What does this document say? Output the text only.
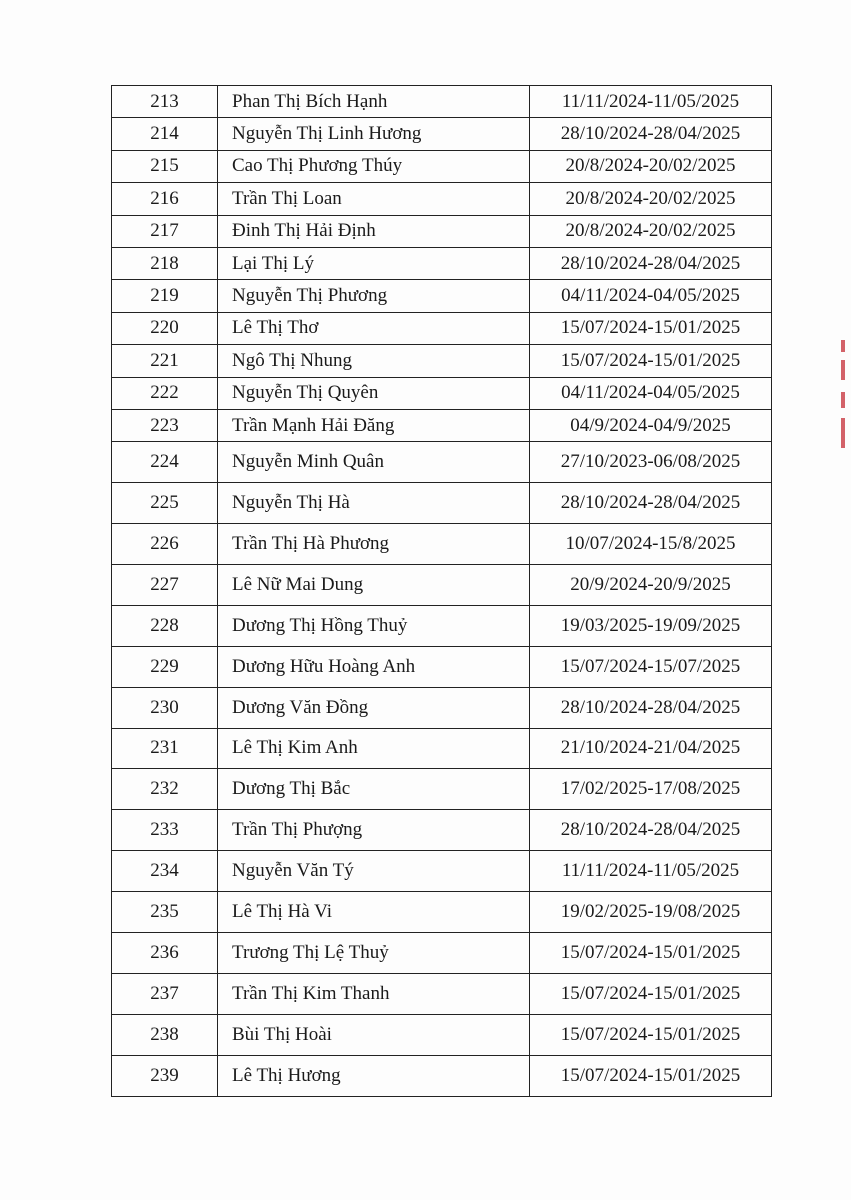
213	Phan Thị Bích Hạnh	11/11/2024-11/05/2025
214	Nguyễn Thị Linh Hương	28/10/2024-28/04/2025
215	Cao Thị Phương Thúy	20/8/2024-20/02/2025
216	Trần Thị Loan	20/8/2024-20/02/2025
217	Đinh Thị Hải Định	20/8/2024-20/02/2025
218	Lại Thị Lý	28/10/2024-28/04/2025
219	Nguyễn Thị Phương	04/11/2024-04/05/2025
220	Lê Thị Thơ	15/07/2024-15/01/2025
221	Ngô Thị Nhung	15/07/2024-15/01/2025
222	Nguyễn Thị Quyên	04/11/2024-04/05/2025
223	Trần Mạnh Hải Đăng	04/9/2024-04/9/2025
224	Nguyễn Minh Quân	27/10/2023-06/08/2025
225	Nguyễn Thị Hà	28/10/2024-28/04/2025
226	Trần Thị Hà Phương	10/07/2024-15/8/2025
227	Lê Nữ Mai Dung	20/9/2024-20/9/2025
228	Dương Thị Hồng Thuỷ	19/03/2025-19/09/2025
229	Dương Hữu Hoàng Anh	15/07/2024-15/07/2025
230	Dương Văn Đồng	28/10/2024-28/04/2025
231	Lê Thị Kim Anh	21/10/2024-21/04/2025
232	Dương Thị Bắc	17/02/2025-17/08/2025
233	Trần Thị Phượng	28/10/2024-28/04/2025
234	Nguyễn Văn Tý	11/11/2024-11/05/2025
235	Lê Thị Hà Vi	19/02/2025-19/08/2025
236	Trương Thị Lệ Thuỷ	15/07/2024-15/01/2025
237	Trần Thị Kim Thanh	15/07/2024-15/01/2025
238	Bùi Thị Hoài	15/07/2024-15/01/2025
239	Lê Thị Hương	15/07/2024-15/01/2025
